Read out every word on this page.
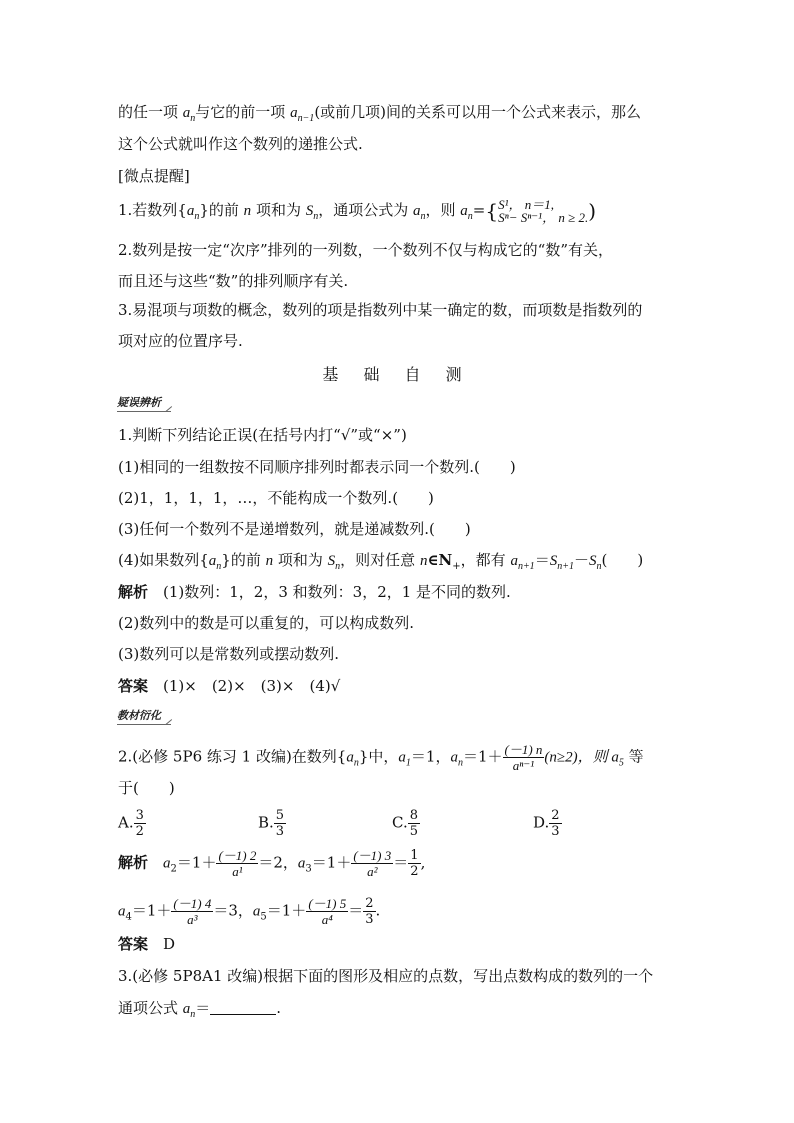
的任一项 $a_n$与它的前一项 $a_{n-1}$(或前几项)间的关系可以用一个公式来表示，那么
这个公式就叫作这个数列的递推公式.
[微点提醒]
1.若数列$\{a_n\}$的前 n 项和为 $S_n$，通项公式为 $a_n$，则 $a_n=${ S¹， n＝1,
Sⁿ− Sⁿ⁻¹， n ≥ 2. )
2.数列是按一定“次序”排列的一列数，一个数列不仅与构成它的“数”有关，
而且还与这些“数”的排列顺序有关.
3.易混项与项数的概念，数列的项是指数列中某一确定的数，而项数是指数列的
项对应的位置序号.
基 础 自 测
疑误辨析
1.判断下列结论正误(在括号内打“√”或“×”)
(1)相同的一组数按不同顺序排列时都表示同一个数列.(　　)
(2)1，1，1，1，…，不能构成一个数列.(　　)
(3)任何一个数列不是递增数列，就是递减数列.(　　)
(4)如果数列$\{a_n\}$的前 n 项和为 $S_n$，则对任意 $n\in N_+$，都有 $a_{n+1}=S_{n+1}-S_n$(　　)
解析　(1)数列：1，2，3 和数列：3，2，1 是不同的数列.
(2)数列中的数是可以重复的，可以构成数列.
(3)数列可以是常数列或摆动数列.
答案　(1)×　(2)×　(3)×　(4)√
教材衍化
2.(必修 5P6 练习 1 改编)在数列$\{a_n\}$中，$a_1=1$，$a_n=1+ \frac{(-1) n}{\text{aⁿ⁻¹}} (n\ge 2)$，则 $a_5$ 等
于(　　)
A. $\frac{3}{2}$	B. $\frac{5}{3}$	C. $\frac{8}{5}$	D. $\frac{2}{3}$
解析　 $a_2=1+ \frac{(-1) 2}{\text{a¹}} =2$，$a_3=1+ \frac{(-1) 3}{\text{a²}} = \frac{1}{2}$ ,
$a_4=1+ \frac{(-1) 4}{\text{a³}} =3$，$a_5=1+ \frac{(-1) 5}{\text{a⁴}} = \frac{2}{3}$ .
答案　D
3.(必修 5P8A1 改编)根据下面的图形及相应的点数，写出点数构成的数列的一个
通项公式 $a_n=$	.
